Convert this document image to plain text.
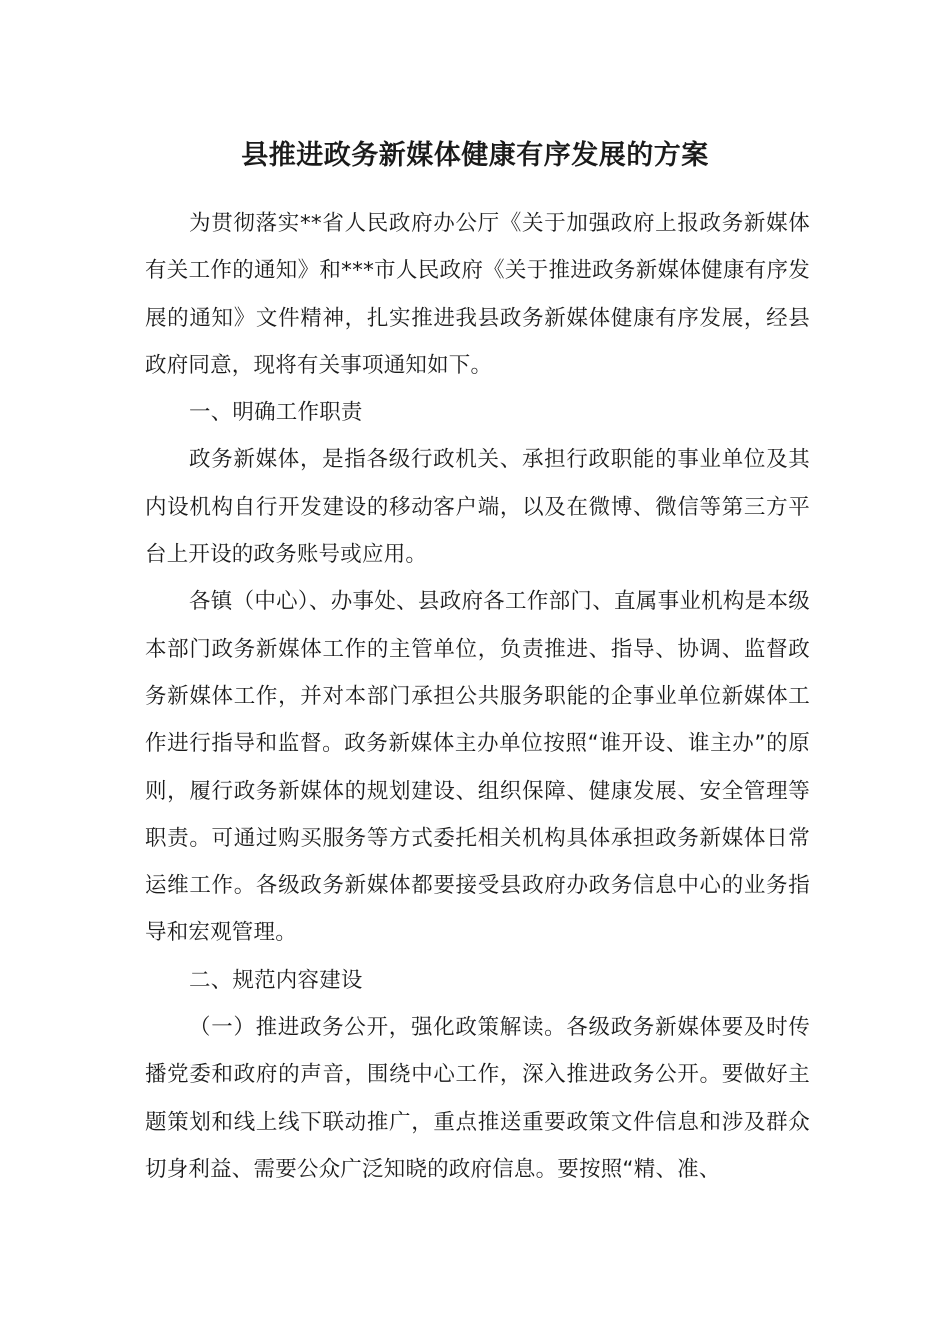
县推进政务新媒体健康有序发展的方案

为贯彻落实**省人民政府办公厅《关于加强政府上报政务新媒体有关工作的通知》和***市人民政府《关于推进政务新媒体健康有序发展的通知》文件精神，扎实推进我县政务新媒体健康有序发展，经县政府同意，现将有关事项通知如下。

一、明确工作职责

政务新媒体，是指各级行政机关、承担行政职能的事业单位及其内设机构自行开发建设的移动客户端，以及在微博、微信等第三方平台上开设的政务账号或应用。

各镇（中心）、办事处、县政府各工作部门、直属事业机构是本级本部门政务新媒体工作的主管单位，负责推进、指导、协调、监督政务新媒体工作，并对本部门承担公共服务职能的企事业单位新媒体工作进行指导和监督。政务新媒体主办单位按照“谁开设、谁主办”的原则，履行政务新媒体的规划建设、组织保障、健康发展、安全管理等职责。可通过购买服务等方式委托相关机构具体承担政务新媒体日常运维工作。各级政务新媒体都要接受县政府办政务信息中心的业务指导和宏观管理。

二、规范内容建设

（一）推进政务公开，强化政策解读。各级政务新媒体要及时传播党委和政府的声音，围绕中心工作，深入推进政务公开。要做好主题策划和线上线下联动推广，重点推送重要政策文件信息和涉及群众切身利益、需要公众广泛知晓的政府信息。要按照“精、准、
